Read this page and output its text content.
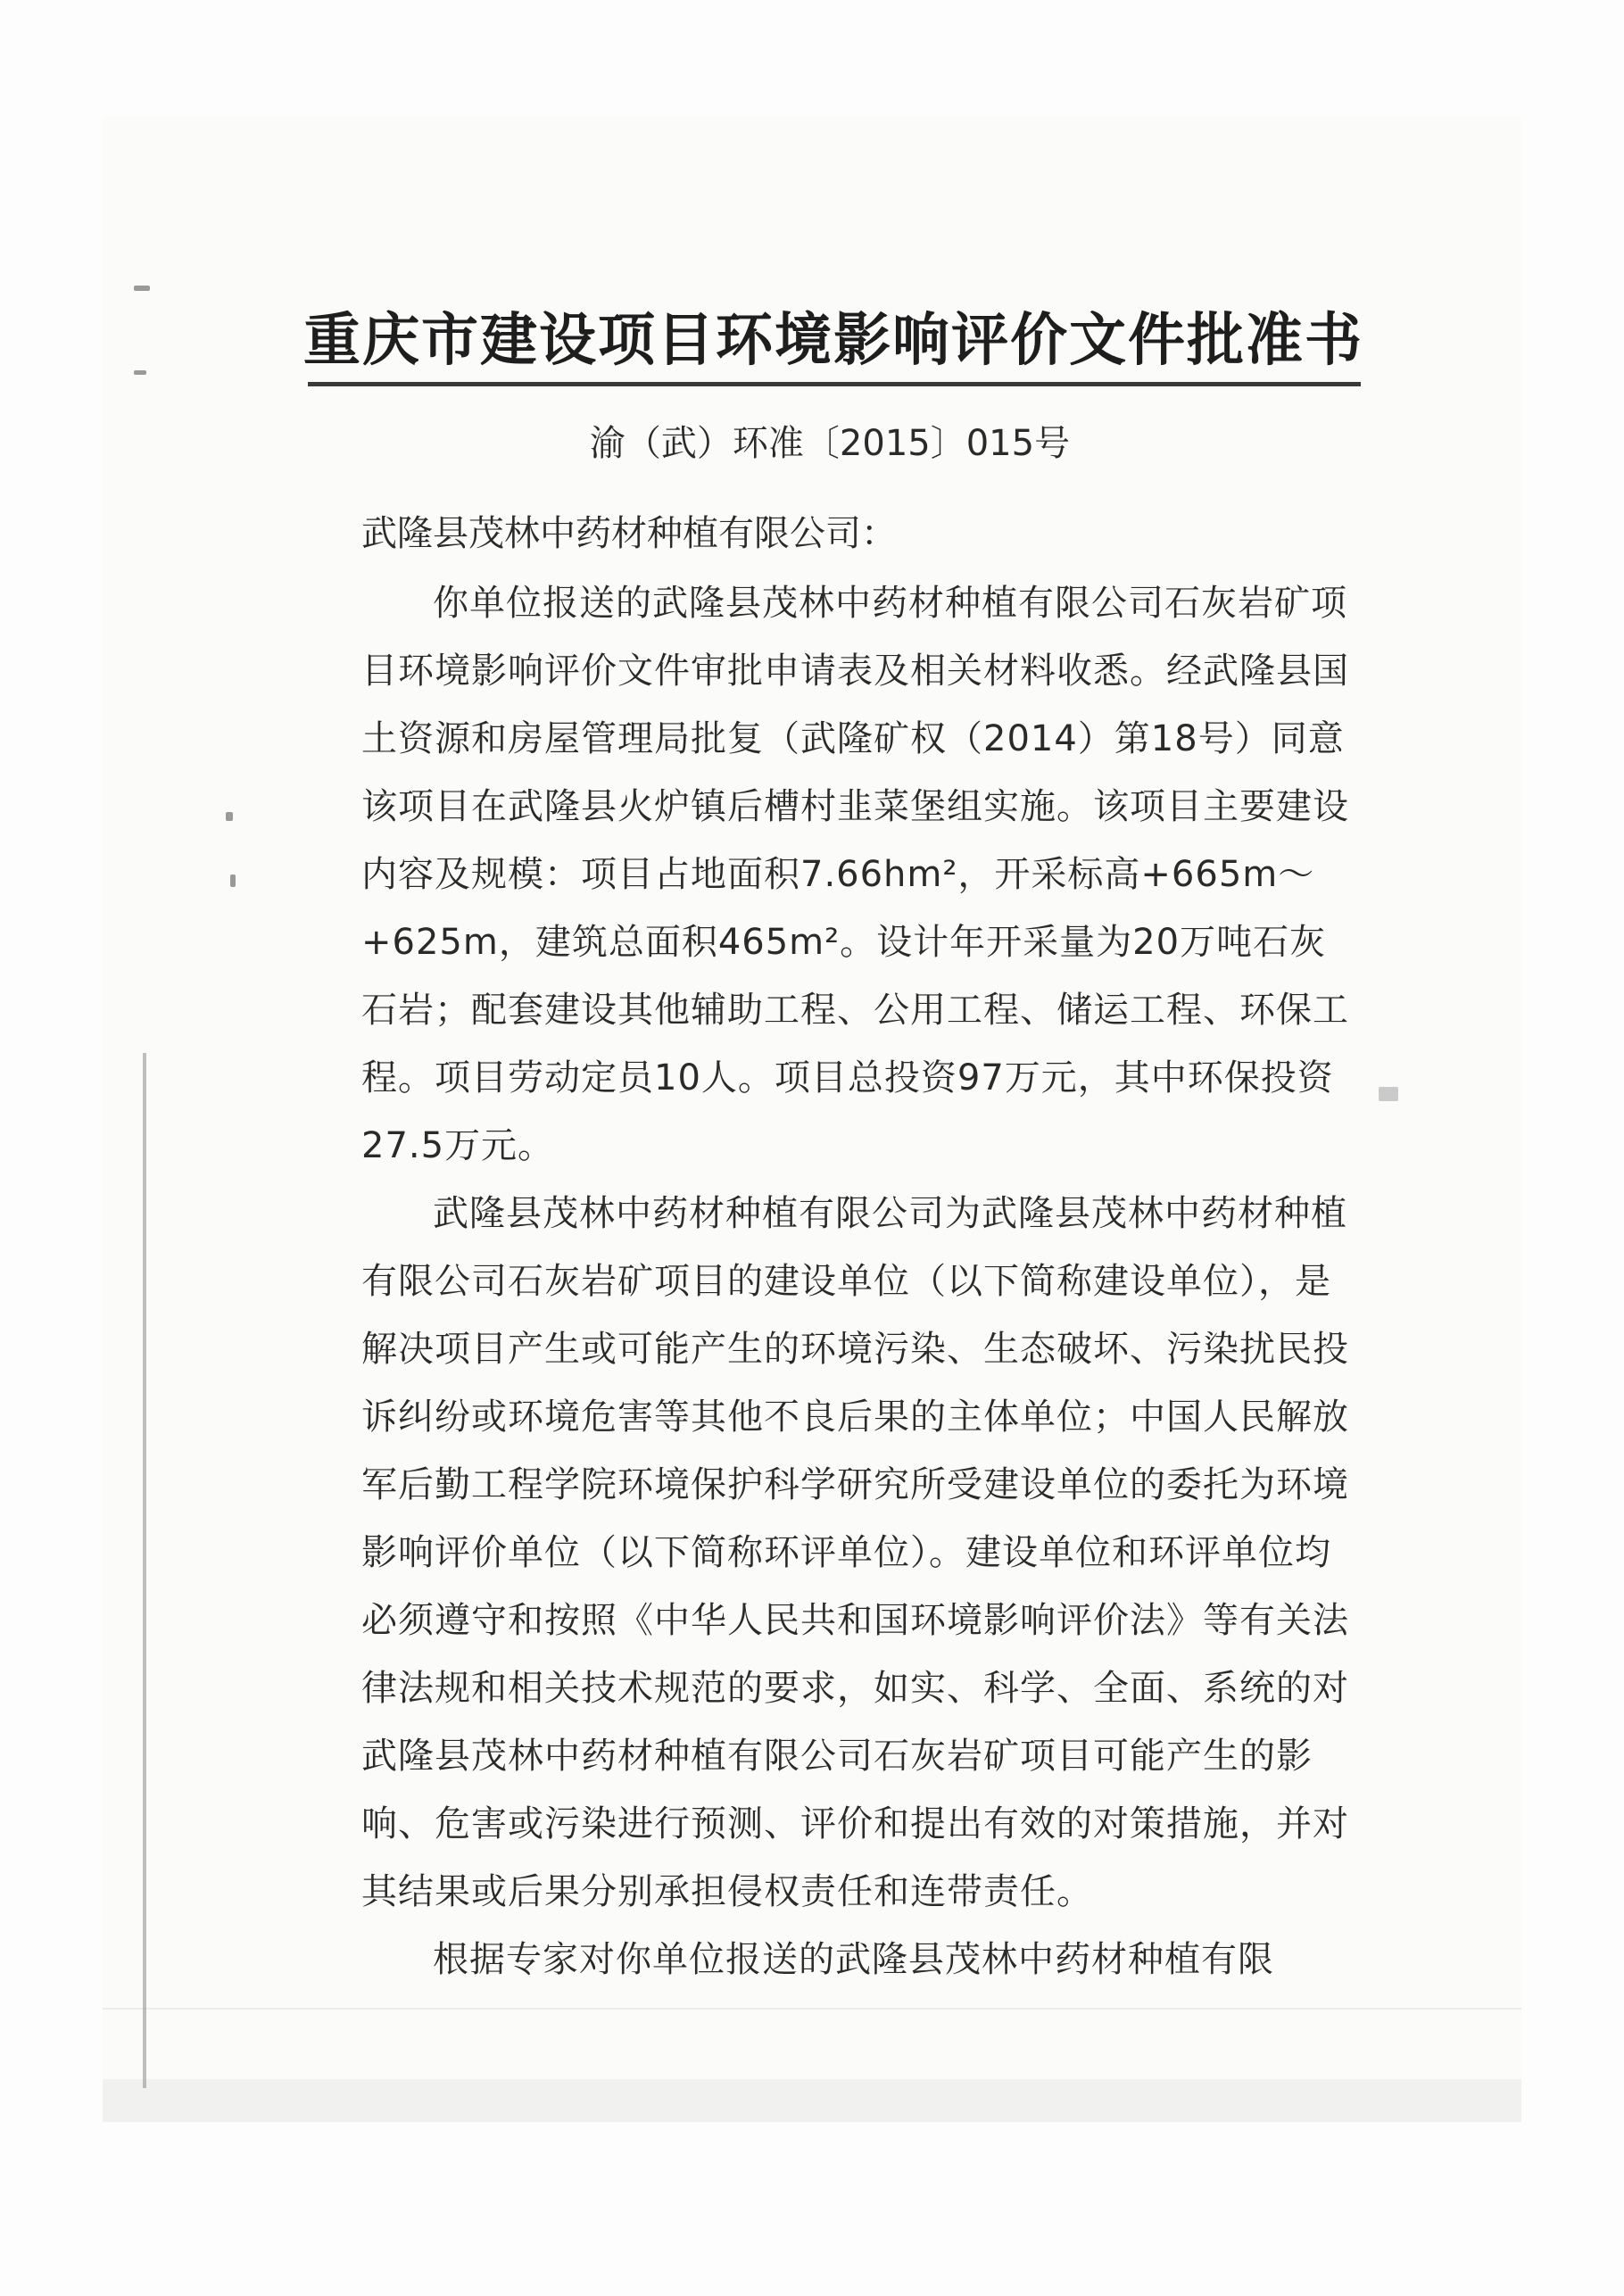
重庆市建设项目环境影响评价文件批准书
渝（武）环准〔2015〕015号
武隆县茂林中药材种植有限公司：

你单位报送的武隆县茂林中药材种植有限公司石灰岩矿项目环境影响评价文件审批申请表及相关材料收悉。经武隆县国土资源和房屋管理局批复（武隆矿权（2014）第18号）同意该项目在武隆县火炉镇后槽村韭菜堡组实施。该项目主要建设内容及规模：项目占地面积7.66hm²，开采标高+665m～+625m，建筑总面积465m²。设计年开采量为20万吨石灰石岩；配套建设其他辅助工程、公用工程、储运工程、环保工程。项目劳动定员10人。项目总投资97万元，其中环保投资27.5万元。

武隆县茂林中药材种植有限公司为武隆县茂林中药材种植有限公司石灰岩矿项目的建设单位（以下简称建设单位），是解决项目产生或可能产生的环境污染、生态破坏、污染扰民投诉纠纷或环境危害等其他不良后果的主体单位；中国人民解放军后勤工程学院环境保护科学研究所受建设单位的委托为环境影响评价单位（以下简称环评单位）。建设单位和环评单位均必须遵守和按照《中华人民共和国环境影响评价法》等有关法律法规和相关技术规范的要求，如实、科学、全面、系统的对武隆县茂林中药材种植有限公司石灰岩矿项目可能产生的影响、危害或污染进行预测、评价和提出有效的对策措施，并对其结果或后果分别承担侵权责任和连带责任。

根据专家对你单位报送的武隆县茂林中药材种植有限
